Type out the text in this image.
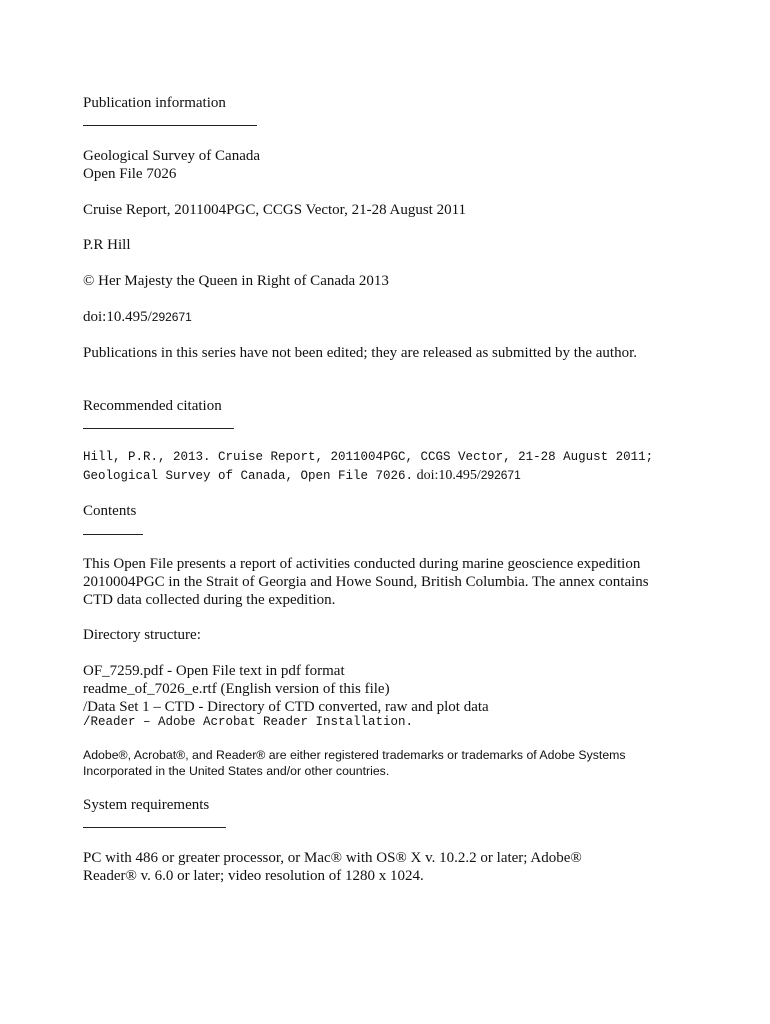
Publication information

Geological Survey of Canada

Open File 7026

Cruise Report, 2011004PGC, CCGS Vector, 21-28 August 2011

P.R Hill

© Her Majesty the Queen in Right of Canada 2013

doi:10.495/292671

Publications in this series have not been edited; they are released as submitted by the author.

Recommended citation

Hill, P.R., 2013. Cruise Report, 2011004PGC, CCGS Vector, 21-28 August 2011;

Geological Survey of Canada, Open File 7026. doi:10.495/292671

Contents

This Open File presents a report of activities conducted during marine geoscience expedition

2010004PGC in the Strait of Georgia and Howe Sound, British Columbia. The annex contains

CTD data collected during the expedition.

Directory structure:

OF_7259.pdf - Open File text in pdf format

readme_of_7026_e.rtf (English version of this file)

/Data Set 1 – CTD - Directory of CTD converted, raw and plot data

/Reader – Adobe Acrobat Reader Installation.

Adobe®, Acrobat®, and Reader® are either registered trademarks or trademarks of Adobe Systems

Incorporated in the United States and/or other countries.

System requirements

PC with 486 or greater processor, or Mac® with OS® X v. 10.2.2 or later; Adobe®

Reader® v. 6.0 or later; video resolution of 1280 x 1024.
